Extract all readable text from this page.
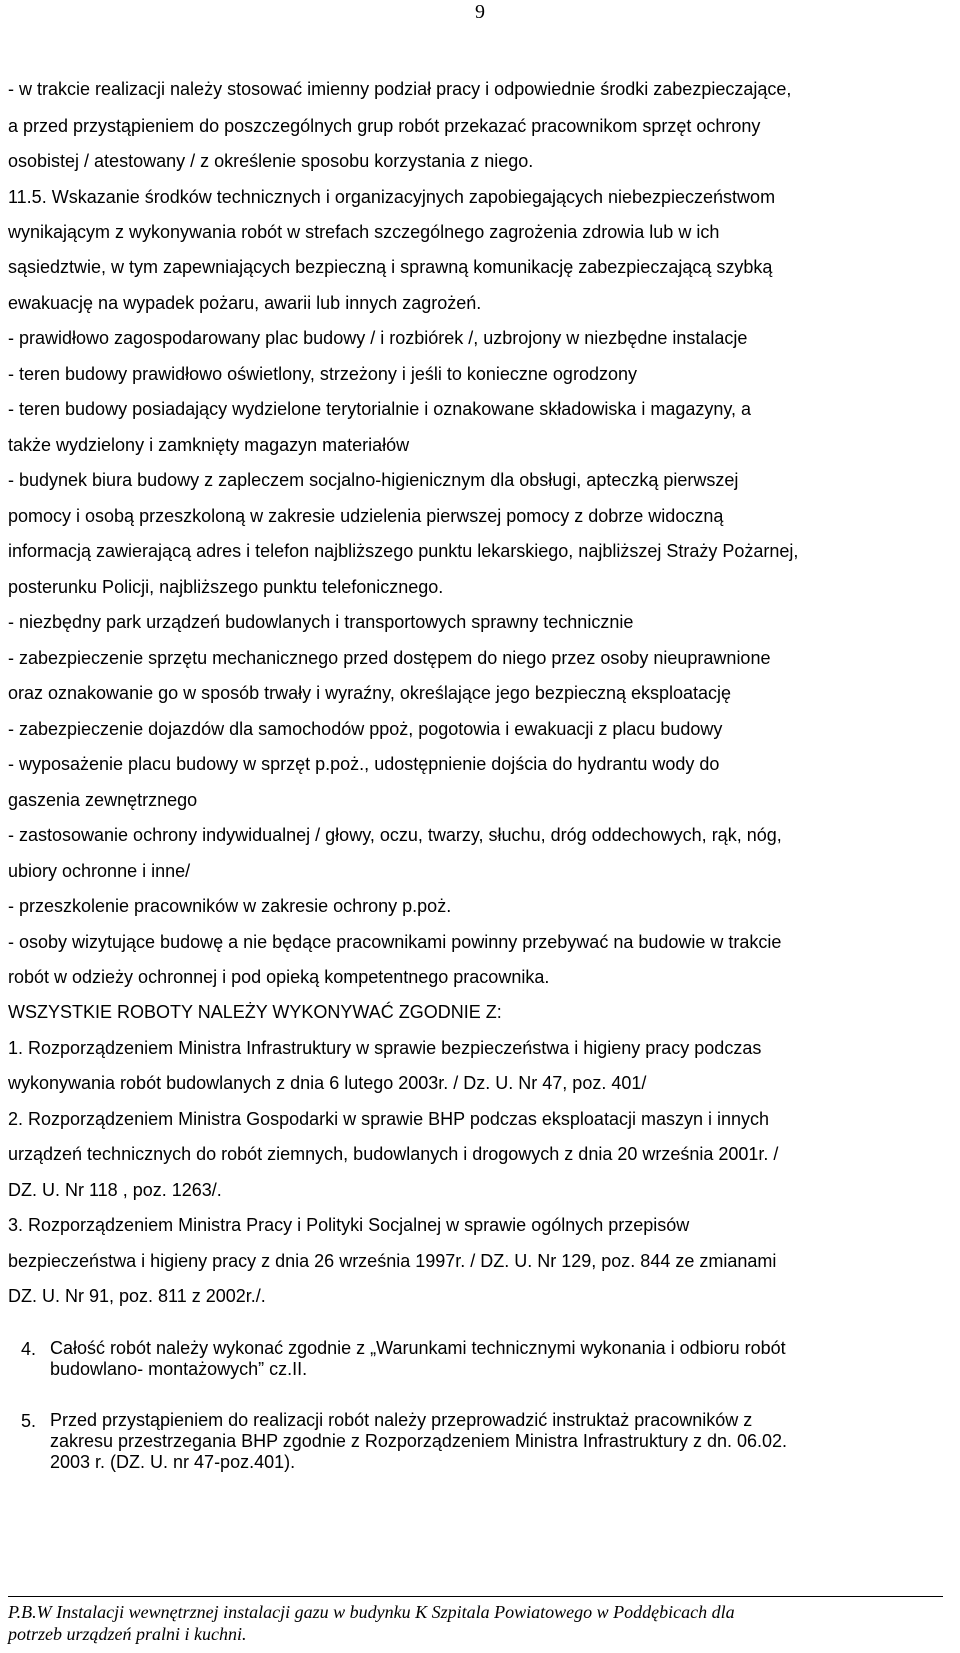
9
- w trakcie realizacji należy stosować imienny podział pracy i odpowiednie środki zabezpieczające,
a przed przystąpieniem do poszczególnych grup robót przekazać pracownikom sprzęt ochrony
osobistej / atestowany / z określenie sposobu korzystania z niego.
11.5. Wskazanie środków technicznych i organizacyjnych zapobiegających niebezpieczeństwom
wynikającym z wykonywania robót w strefach szczególnego zagrożenia zdrowia lub w ich
sąsiedztwie, w tym zapewniających bezpieczną i sprawną komunikację zabezpieczającą szybką
ewakuację na wypadek pożaru, awarii lub innych zagrożeń.
- prawidłowo zagospodarowany plac budowy / i rozbiórek /, uzbrojony w niezbędne instalacje
- teren budowy prawidłowo oświetlony, strzeżony i jeśli to konieczne ogrodzony
- teren budowy posiadający wydzielone terytorialnie i oznakowane składowiska i magazyny, a
także wydzielony i zamknięty magazyn materiałów
- budynek biura budowy z zapleczem socjalno-higienicznym dla obsługi, apteczką pierwszej
pomocy i osobą przeszkoloną w zakresie udzielenia pierwszej pomocy z dobrze widoczną
informacją zawierającą adres i telefon najbliższego punktu lekarskiego, najbliższej Straży Pożarnej,
posterunku Policji, najbliższego punktu telefonicznego.
- niezbędny park urządzeń budowlanych i transportowych sprawny technicznie
- zabezpieczenie sprzętu mechanicznego przed dostępem do niego przez osoby nieuprawnione
oraz oznakowanie go w sposób trwały i wyraźny, określające jego bezpieczną eksploatację
- zabezpieczenie dojazdów dla samochodów ppoż, pogotowia i ewakuacji z placu budowy
- wyposażenie placu budowy w sprzęt p.poż., udostępnienie dojścia do hydrantu wody do
gaszenia zewnętrznego
- zastosowanie ochrony indywidualnej / głowy, oczu, twarzy, słuchu, dróg oddechowych, rąk, nóg,
ubiory ochronne i inne/
- przeszkolenie pracowników w zakresie ochrony p.poż.
- osoby wizytujące budowę a nie będące pracownikami powinny przebywać na budowie w trakcie
robót w odzieży ochronnej i pod opieką kompetentnego pracownika.
WSZYSTKIE ROBOTY NALEŻY WYKONYWAĆ ZGODNIE Z:
1. Rozporządzeniem Ministra Infrastruktury w sprawie bezpieczeństwa i higieny pracy podczas
wykonywania robót budowlanych z dnia 6 lutego 2003r. / Dz. U. Nr 47, poz. 401/
2. Rozporządzeniem Ministra Gospodarki w sprawie BHP podczas eksploatacji maszyn i innych
urządzeń technicznych do robót ziemnych, budowlanych i drogowych z dnia 20 września 2001r. /
DZ. U. Nr 118 , poz. 1263/.
3. Rozporządzeniem Ministra Pracy i Polityki Socjalnej w sprawie ogólnych przepisów
bezpieczeństwa i higieny pracy z dnia 26 września 1997r. / DZ. U. Nr 129, poz. 844 ze zmianami
DZ. U. Nr 91, poz. 811 z 2002r./.
4. Całość robót należy wykonać zgodnie z „Warunkami technicznymi wykonania i odbioru robót
budowlano- montażowych” cz.II.
5. Przed przystąpieniem do realizacji robót należy przeprowadzić instruktaż pracowników z
zakresu przestrzegania BHP zgodnie z Rozporządzeniem Ministra Infrastruktury z dn. 06.02.
2003 r. (DZ. U. nr 47-poz.401).
P.B.W Instalacji wewnętrznej instalacji gazu w budynku K Szpitala Powiatowego w Poddębicach dla
potrzeb urządzeń pralni i kuchni.
